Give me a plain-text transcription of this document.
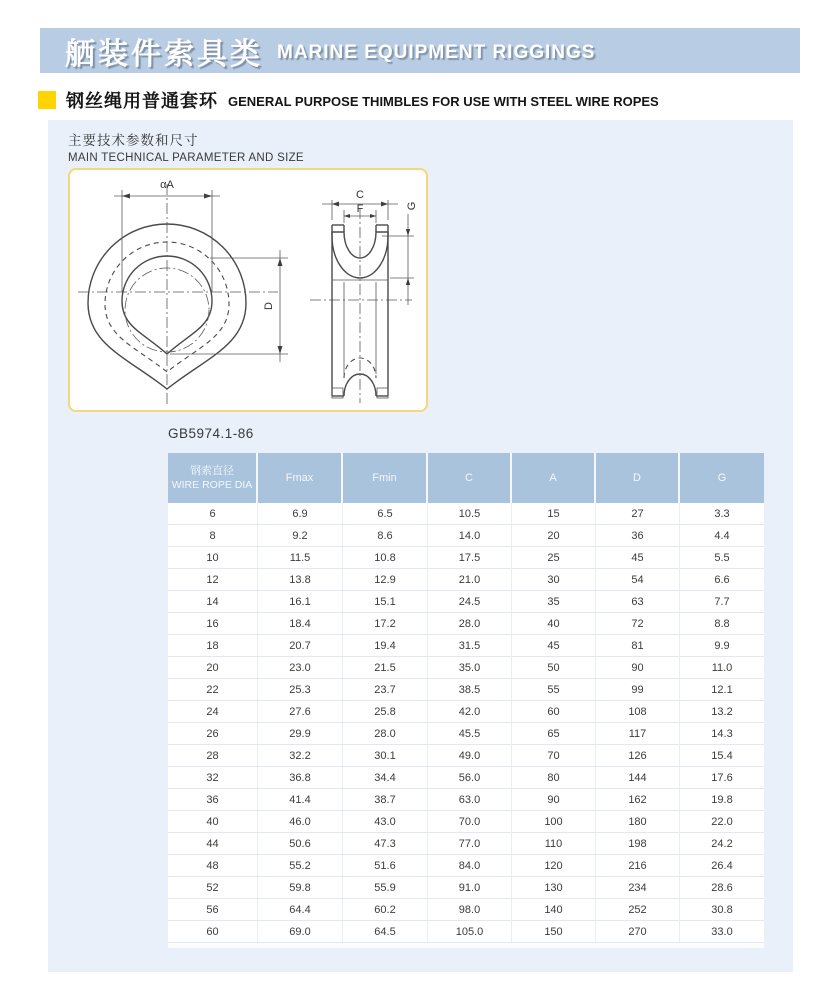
舾装件索具类 MARINE EQUIPMENT RIGGINGS
钢丝绳用普通套环 GENERAL PURPOSE THIMBLES FOR USE WITH STEEL WIRE ROPES
主要技术参数和尺寸
MAIN TECHNICAL PARAMETER AND SIZE
αA
D
C
F	G
GB5974.1-86
钢索直径
WIRE ROPE DIA	Fmax	Fmin	C	A	D	G
6	6.9	6.5	10.5	15	27	3.3
8	9.2	8.6	14.0	20	36	4.4
10	11.5	10.8	17.5	25	45	5.5
12	13.8	12.9	21.0	30	54	6.6
14	16.1	15.1	24.5	35	63	7.7
16	18.4	17.2	28.0	40	72	8.8
18	20.7	19.4	31.5	45	81	9.9
20	23.0	21.5	35.0	50	90	11.0
22	25.3	23.7	38.5	55	99	12.1
24	27.6	25.8	42.0	60	108	13.2
26	29.9	28.0	45.5	65	117	14.3
28	32.2	30.1	49.0	70	126	15.4
32	36.8	34.4	56.0	80	144	17.6
36	41.4	38.7	63.0	90	162	19.8
40	46.0	43.0	70.0	100	180	22.0
44	50.6	47.3	77.0	110	198	24.2
48	55.2	51.6	84.0	120	216	26.4
52	59.8	55.9	91.0	130	234	28.6
56	64.4	60.2	98.0	140	252	30.8
60	69.0	64.5	105.0	150	270	33.0
